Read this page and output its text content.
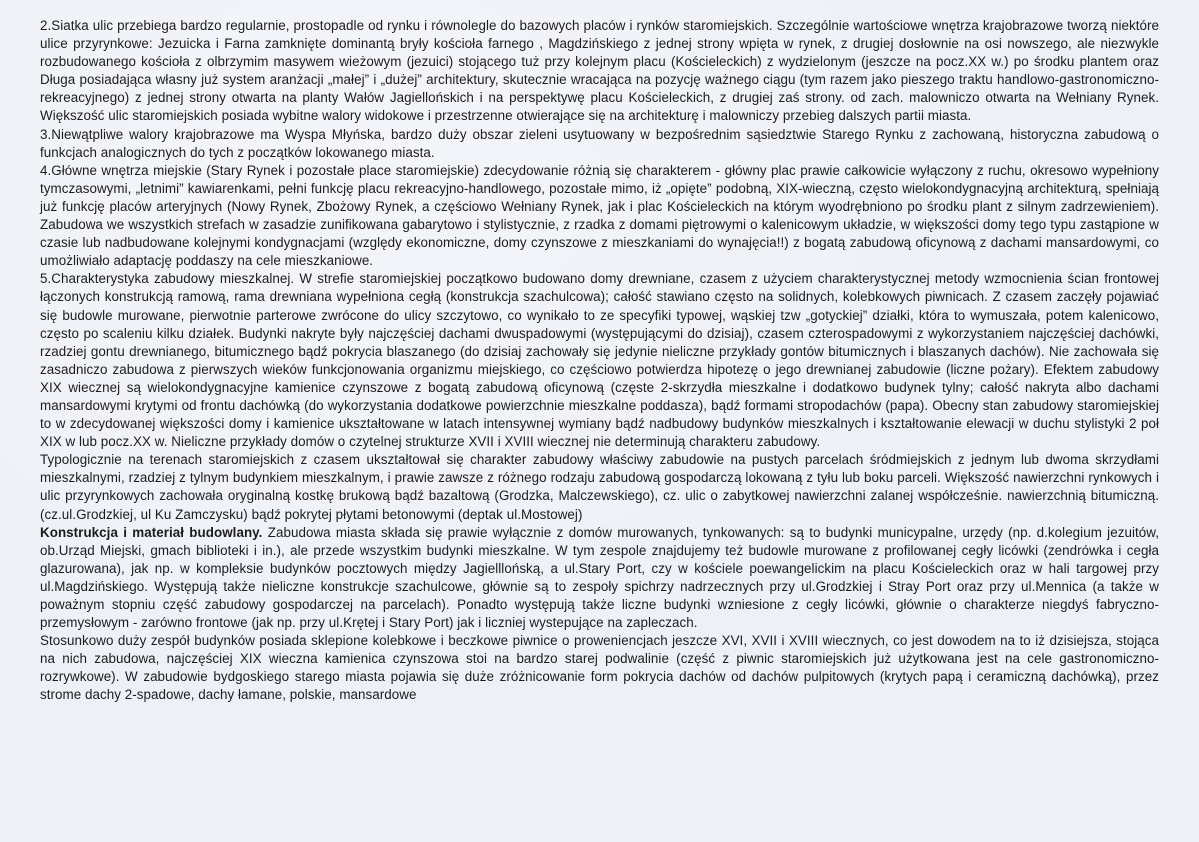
2.Siatka ulic przebiega bardzo regularnie, prostopadle od rynku i równolegle do bazowych placów i rynków staromiejskich. Szczególnie wartościowe wnętrza krajobrazowe tworzą niektóre ulice przyrynkowe: Jezuicka i Farna zamknięte dominantą bryły kościoła farnego , Magdzińskiego z jednej strony wpięta w rynek, z drugiej dosłownie na osi nowszego, ale niezwykle rozbudowanego kościoła z olbrzymim masywem wieżowym (jezuici) stojącego tuż przy kolejnym placu (Kościeleckich) z wydzielonym (jeszcze na pocz.XX w.) po środku plantem oraz Długa posiadająca własny już system aranżacji „małej” i „dużej” architektury, skutecznie wracająca na pozycję ważnego ciągu (tym razem jako pieszego traktu handlowo-gastronomiczno-rekreacyjnego) z jednej strony otwarta na planty Wałów Jagiellońskich i na perspektywę placu Kościeleckich, z drugiej zaś strony. od zach. malowniczo otwarta na Wełniany Rynek. Większość ulic staromiejskich posiada wybitne walory widokowe i przestrzenne otwierające się na architekturę i malowniczy przebieg dalszych partii miasta.

3.Niewątpliwe walory krajobrazowe ma Wyspa Młyńska, bardzo duży obszar zieleni usytuowany w bezpośrednim sąsiedztwie Starego Rynku z zachowaną, historyczna zabudową o funkcjach analogicznych do tych z początków lokowanego miasta.

4.Główne wnętrza miejskie (Stary Rynek i pozostałe place staromiejskie) zdecydowanie różnią się charakterem - główny plac prawie całkowicie wyłączony z ruchu, okresowo wypełniony tymczasowymi, „letnimi” kawiarenkami, pełni funkcję placu rekreacyjno-handlowego, pozostałe mimo, iż „opięte” podobną, XIX-wieczną, często wielokondygnacyjną architekturą, spełniają już funkcję placów arteryjnych (Nowy Rynek, Zbożowy Rynek, a częściowo Wełniany Rynek, jak i plac Kościeleckich na którym wyodrębniono po środku plant z silnym zadrzewieniem). Zabudowa we wszystkich strefach w zasadzie zunifikowana gabarytowo i stylistycznie, z rzadka z domami piętrowymi o kalenicowym układzie, w większości domy tego typu zastąpione w czasie lub nadbudowane kolejnymi kondygnacjami (względy ekonomiczne, domy czynszowe z mieszkaniami do wynajęcia!!) z bogatą zabudową oficynową z dachami mansardowymi, co umożliwiało adaptację poddaszy na cele mieszkaniowe.

5.Charakterystyka zabudowy mieszkalnej. W strefie staromiejskiej początkowo budowano domy drewniane, czasem z użyciem charakterystycznej metody wzmocnienia ścian frontowej łączonych konstrukcją ramową, rama drewniana wypełniona cegłą (konstrukcja szachulcowa); całość stawiano często na solidnych, kolebkowych piwnicach. Z czasem zaczęły pojawiać się budowle murowane, pierwotnie parterowe zwrócone do ulicy szczytowo, co wynikało to ze specyfiki typowej, wąskiej tzw „gotyckiej” działki, która to wymuszała, potem kalenicowo, często po scaleniu kilku działek. Budynki nakryte były najczęściej dachami dwuspadowymi (występującymi do dzisiaj), czasem czterospadowymi z wykorzystaniem najczęściej dachówki, rzadziej gontu drewnianego, bitumicznego bądź pokrycia blaszanego (do dzisiaj zachowały się jedynie nieliczne przykłady gontów bitumicznych i blaszanych dachów). Nie zachowała się zasadniczo zabudowa z pierwszych wieków funkcjonowania organizmu miejskiego, co częściowo potwierdza hipotezę o jego drewnianej zabudowie (liczne pożary). Efektem zabudowy XIX wiecznej są wielokondygnacyjne kamienice czynszowe z bogatą zabudową oficynową (częste 2-skrzydła mieszkalne i dodatkowo budynek tylny; całość nakryta albo dachami mansardowymi krytymi od frontu dachówką (do wykorzystania dodatkowe powierzchnie mieszkalne poddasza), bądź formami stropodachów (papa). Obecny stan zabudowy staromiejskiej to w zdecydowanej większości domy i kamienice ukształtowane w latach intensywnej wymiany bądź nadbudowy budynków mieszkalnych i kształtowanie elewacji w duchu stylistyki 2 poł XIX w lub pocz.XX w. Nieliczne przykłady domów o czytelnej strukturze XVII i XVIII wiecznej nie determinują charakteru zabudowy.

Typologicznie na terenach staromiejskich z czasem ukształtował się charakter zabudowy właściwy zabudowie na pustych parcelach śródmiejskich z jednym lub dwoma skrzydłami mieszkalnymi, rzadziej z tylnym budynkiem mieszkalnym, i prawie zawsze z różnego rodzaju zabudową gospodarczą lokowaną z tyłu lub boku parceli. Większość nawierzchni rynkowych i ulic przyrynkowych zachowała oryginalną kostkę brukową bądź bazaltową (Grodzka, Malczewskiego), cz. ulic o zabytkowej nawierzchni zalanej współcześnie. nawierzchnią bitumiczną. (cz.ul.Grodzkiej, ul Ku Zamczysku) bądź pokrytej płytami betonowymi (deptak ul.Mostowej)

Konstrukcja i materiał budowlany. Zabudowa miasta składa się prawie wyłącznie z domów murowanych, tynkowanych: są to budynki municypalne, urzędy (np. d.kolegium jezuitów, ob.Urząd Miejski, gmach biblioteki i in.), ale przede wszystkim budynki mieszkalne. W tym zespole znajdujemy też budowle murowane z profilowanej cegły licówki (zendrówka i cegła glazurowana), jak np. w kompleksie budynków pocztowych między Jagielllońską, a ul.Stary Port, czy w kościele poewangelickim na placu Kościeleckich oraz w hali targowej przy ul.Magdzińskiego. Występują także nieliczne konstrukcje szachulcowe, głównie są to zespoły spichrzy nadrzecznych przy ul.Grodzkiej i Stray Port oraz przy ul.Mennica (a także w poważnym stopniu część zabudowy gospodarczej na parcelach). Ponadto występują także liczne budynki wzniesione z cegły licówki, głównie o charakterze niegdyś fabryczno-przemysłowym - zarówno frontowe (jak np. przy ul.Krętej i Stary Port) jak i liczniej wystepujące na zapleczach.

Stosunkowo duży zespół budynków posiada sklepione kolebkowe i beczkowe piwnice o proweniencjach jeszcze XVI, XVII i XVIII wiecznych, co jest dowodem na to iż dzisiejsza, stojąca na nich zabudowa, najczęściej XIX wieczna kamienica czynszowa stoi na bardzo starej podwalinie (część z piwnic staromiejskich już użytkowana jest na cele gastronomiczno-rozrywkowe). W zabudowie bydgoskiego starego miasta pojawia się duże zróżnicowanie form pokrycia dachów od dachów pulpitowych (krytych papą i ceramiczną dachówką), przez strome dachy 2-spadowe, dachy łamane, polskie, mansardowe
